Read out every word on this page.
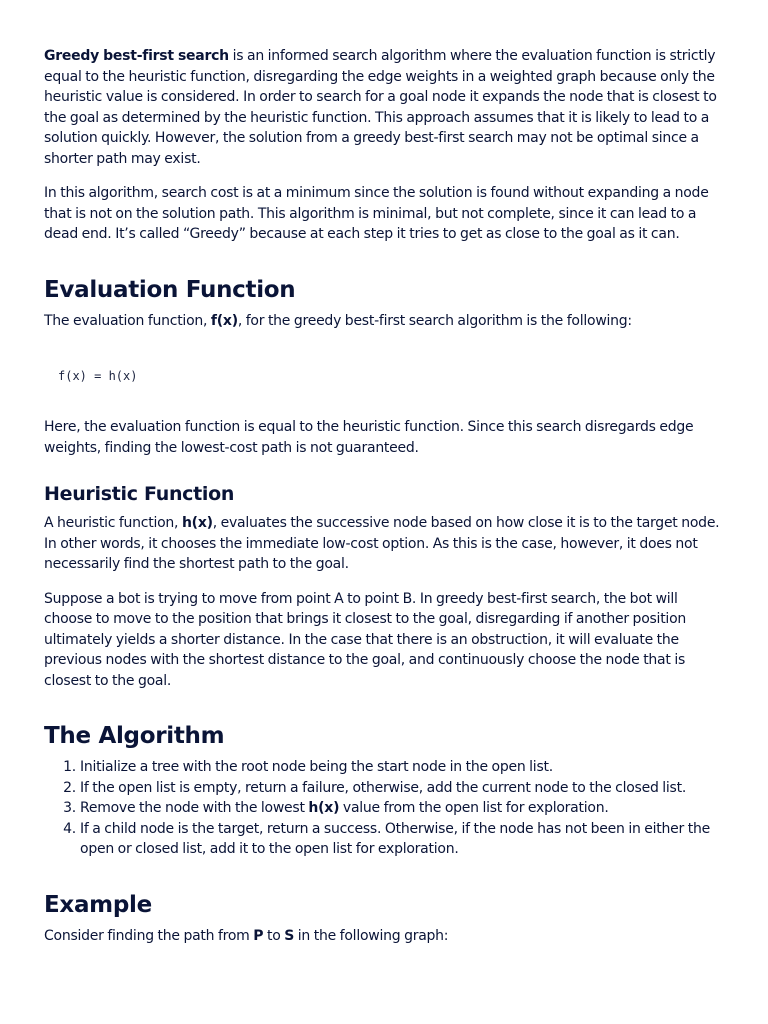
Greedy best-first search is an informed search algorithm where the evaluation function is strictly equal to the heuristic function, disregarding the edge weights in a weighted graph because only the heuristic value is considered. In order to search for a goal node it expands the node that is closest to the goal as determined by the heuristic function. This approach assumes that it is likely to lead to a solution quickly. However, the solution from a greedy best-first search may not be optimal since a shorter path may exist.

In this algorithm, search cost is at a minimum since the solution is found without expanding a node that is not on the solution path. This algorithm is minimal, but not complete, since it can lead to a dead end. It’s called “Greedy” because at each step it tries to get as close to the goal as it can.

Evaluation Function

The evaluation function, f(x), for the greedy best-first search algorithm is the following:

f(x) = h(x)

Here, the evaluation function is equal to the heuristic function. Since this search disregards edge weights, finding the lowest-cost path is not guaranteed.

Heuristic Function

A heuristic function, h(x), evaluates the successive node based on how close it is to the target node. In other words, it chooses the immediate low-cost option. As this is the case, however, it does not necessarily find the shortest path to the goal.

Suppose a bot is trying to move from point A to point B. In greedy best-first search, the bot will choose to move to the position that brings it closest to the goal, disregarding if another position ultimately yields a shorter distance. In the case that there is an obstruction, it will evaluate the previous nodes with the shortest distance to the goal, and continuously choose the node that is closest to the goal.

The Algorithm
1. Initialize a tree with the root node being the start node in the open list.
2. If the open list is empty, return a failure, otherwise, add the current node to the closed list.
3. Remove the node with the lowest h(x) value from the open list for exploration.
4. If a child node is the target, return a success. Otherwise, if the node has not been in either the open or closed list, add it to the open list for exploration.
Example

Consider finding the path from P to S in the following graph:
